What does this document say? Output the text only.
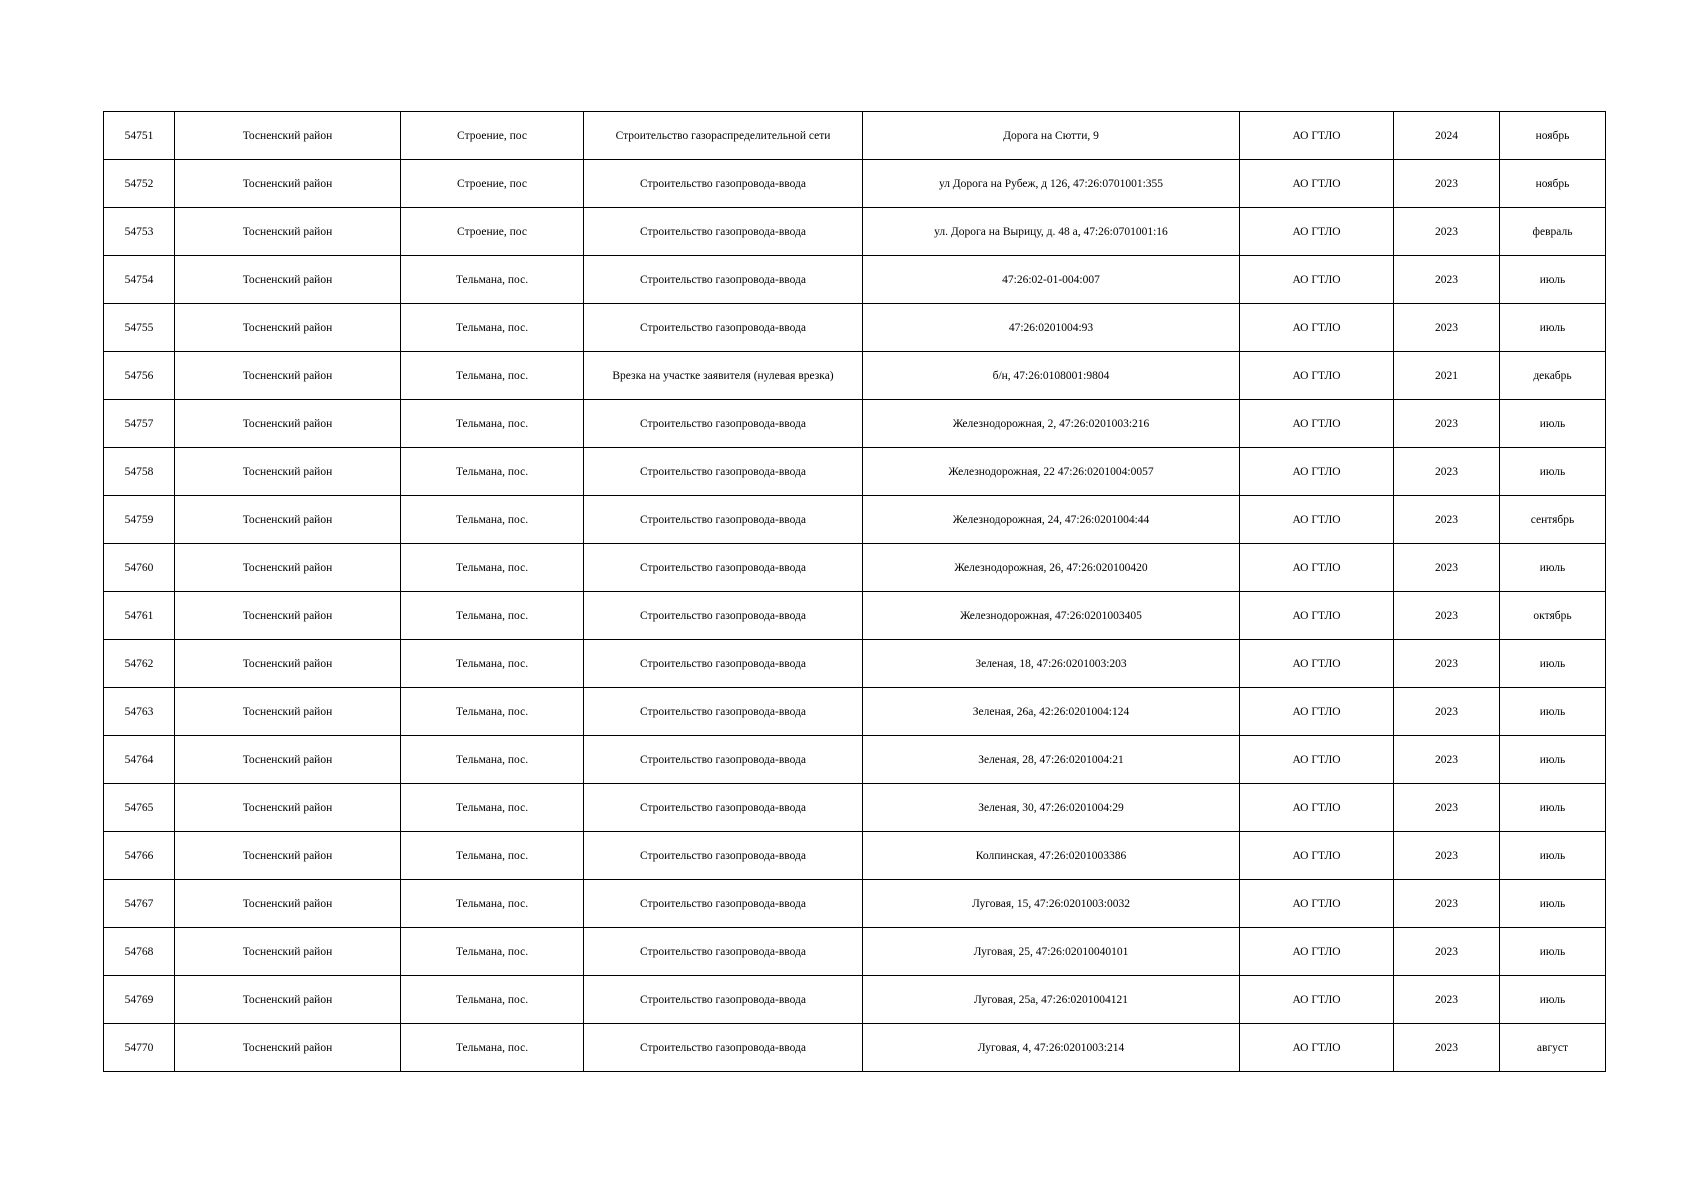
54751	Тосненский район	Строение, пос	Строительство газораспределительной сети	Дорога на Сютти, 9	АО ГТЛО	2024	ноябрь
54752	Тосненский район	Строение, пос	Строительство газопровода-ввода	ул Дорога на Рубеж, д 126, 47:26:0701001:355	АО ГТЛО	2023	ноябрь
54753	Тосненский район	Строение, пос	Строительство газопровода-ввода	ул. Дорога на Вырицу, д. 48 а, 47:26:0701001:16	АО ГТЛО	2023	февраль
54754	Тосненский район	Тельмана, пос.	Строительство газопровода-ввода	47:26:02-01-004:007	АО ГТЛО	2023	июль
54755	Тосненский район	Тельмана, пос.	Строительство газопровода-ввода	47:26:0201004:93	АО ГТЛО	2023	июль
54756	Тосненский район	Тельмана, пос.	Врезка на участке заявителя (нулевая врезка)	б/н, 47:26:0108001:9804	АО ГТЛО	2021	декабрь
54757	Тосненский район	Тельмана, пос.	Строительство газопровода-ввода	Железнодорожная, 2, 47:26:0201003:216	АО ГТЛО	2023	июль
54758	Тосненский район	Тельмана, пос.	Строительство газопровода-ввода	Железнодорожная, 22 47:26:0201004:0057	АО ГТЛО	2023	июль
54759	Тосненский район	Тельмана, пос.	Строительство газопровода-ввода	Железнодорожная, 24, 47:26:0201004:44	АО ГТЛО	2023	сентябрь
54760	Тосненский район	Тельмана, пос.	Строительство газопровода-ввода	Железнодорожная, 26, 47:26:020100420	АО ГТЛО	2023	июль
54761	Тосненский район	Тельмана, пос.	Строительство газопровода-ввода	Железнодорожная, 47:26:0201003405	АО ГТЛО	2023	октябрь
54762	Тосненский район	Тельмана, пос.	Строительство газопровода-ввода	Зеленая, 18, 47:26:0201003:203	АО ГТЛО	2023	июль
54763	Тосненский район	Тельмана, пос.	Строительство газопровода-ввода	Зеленая, 26а, 42:26:0201004:124	АО ГТЛО	2023	июль
54764	Тосненский район	Тельмана, пос.	Строительство газопровода-ввода	Зеленая, 28, 47:26:0201004:21	АО ГТЛО	2023	июль
54765	Тосненский район	Тельмана, пос.	Строительство газопровода-ввода	Зеленая, 30, 47:26:0201004:29	АО ГТЛО	2023	июль
54766	Тосненский район	Тельмана, пос.	Строительство газопровода-ввода	Колпинская, 47:26:0201003386	АО ГТЛО	2023	июль
54767	Тосненский район	Тельмана, пос.	Строительство газопровода-ввода	Луговая, 15, 47:26:0201003:0032	АО ГТЛО	2023	июль
54768	Тосненский район	Тельмана, пос.	Строительство газопровода-ввода	Луговая, 25, 47:26:02010040101	АО ГТЛО	2023	июль
54769	Тосненский район	Тельмана, пос.	Строительство газопровода-ввода	Луговая, 25а, 47:26:0201004121	АО ГТЛО	2023	июль
54770	Тосненский район	Тельмана, пос.	Строительство газопровода-ввода	Луговая, 4, 47:26:0201003:214	АО ГТЛО	2023	август
